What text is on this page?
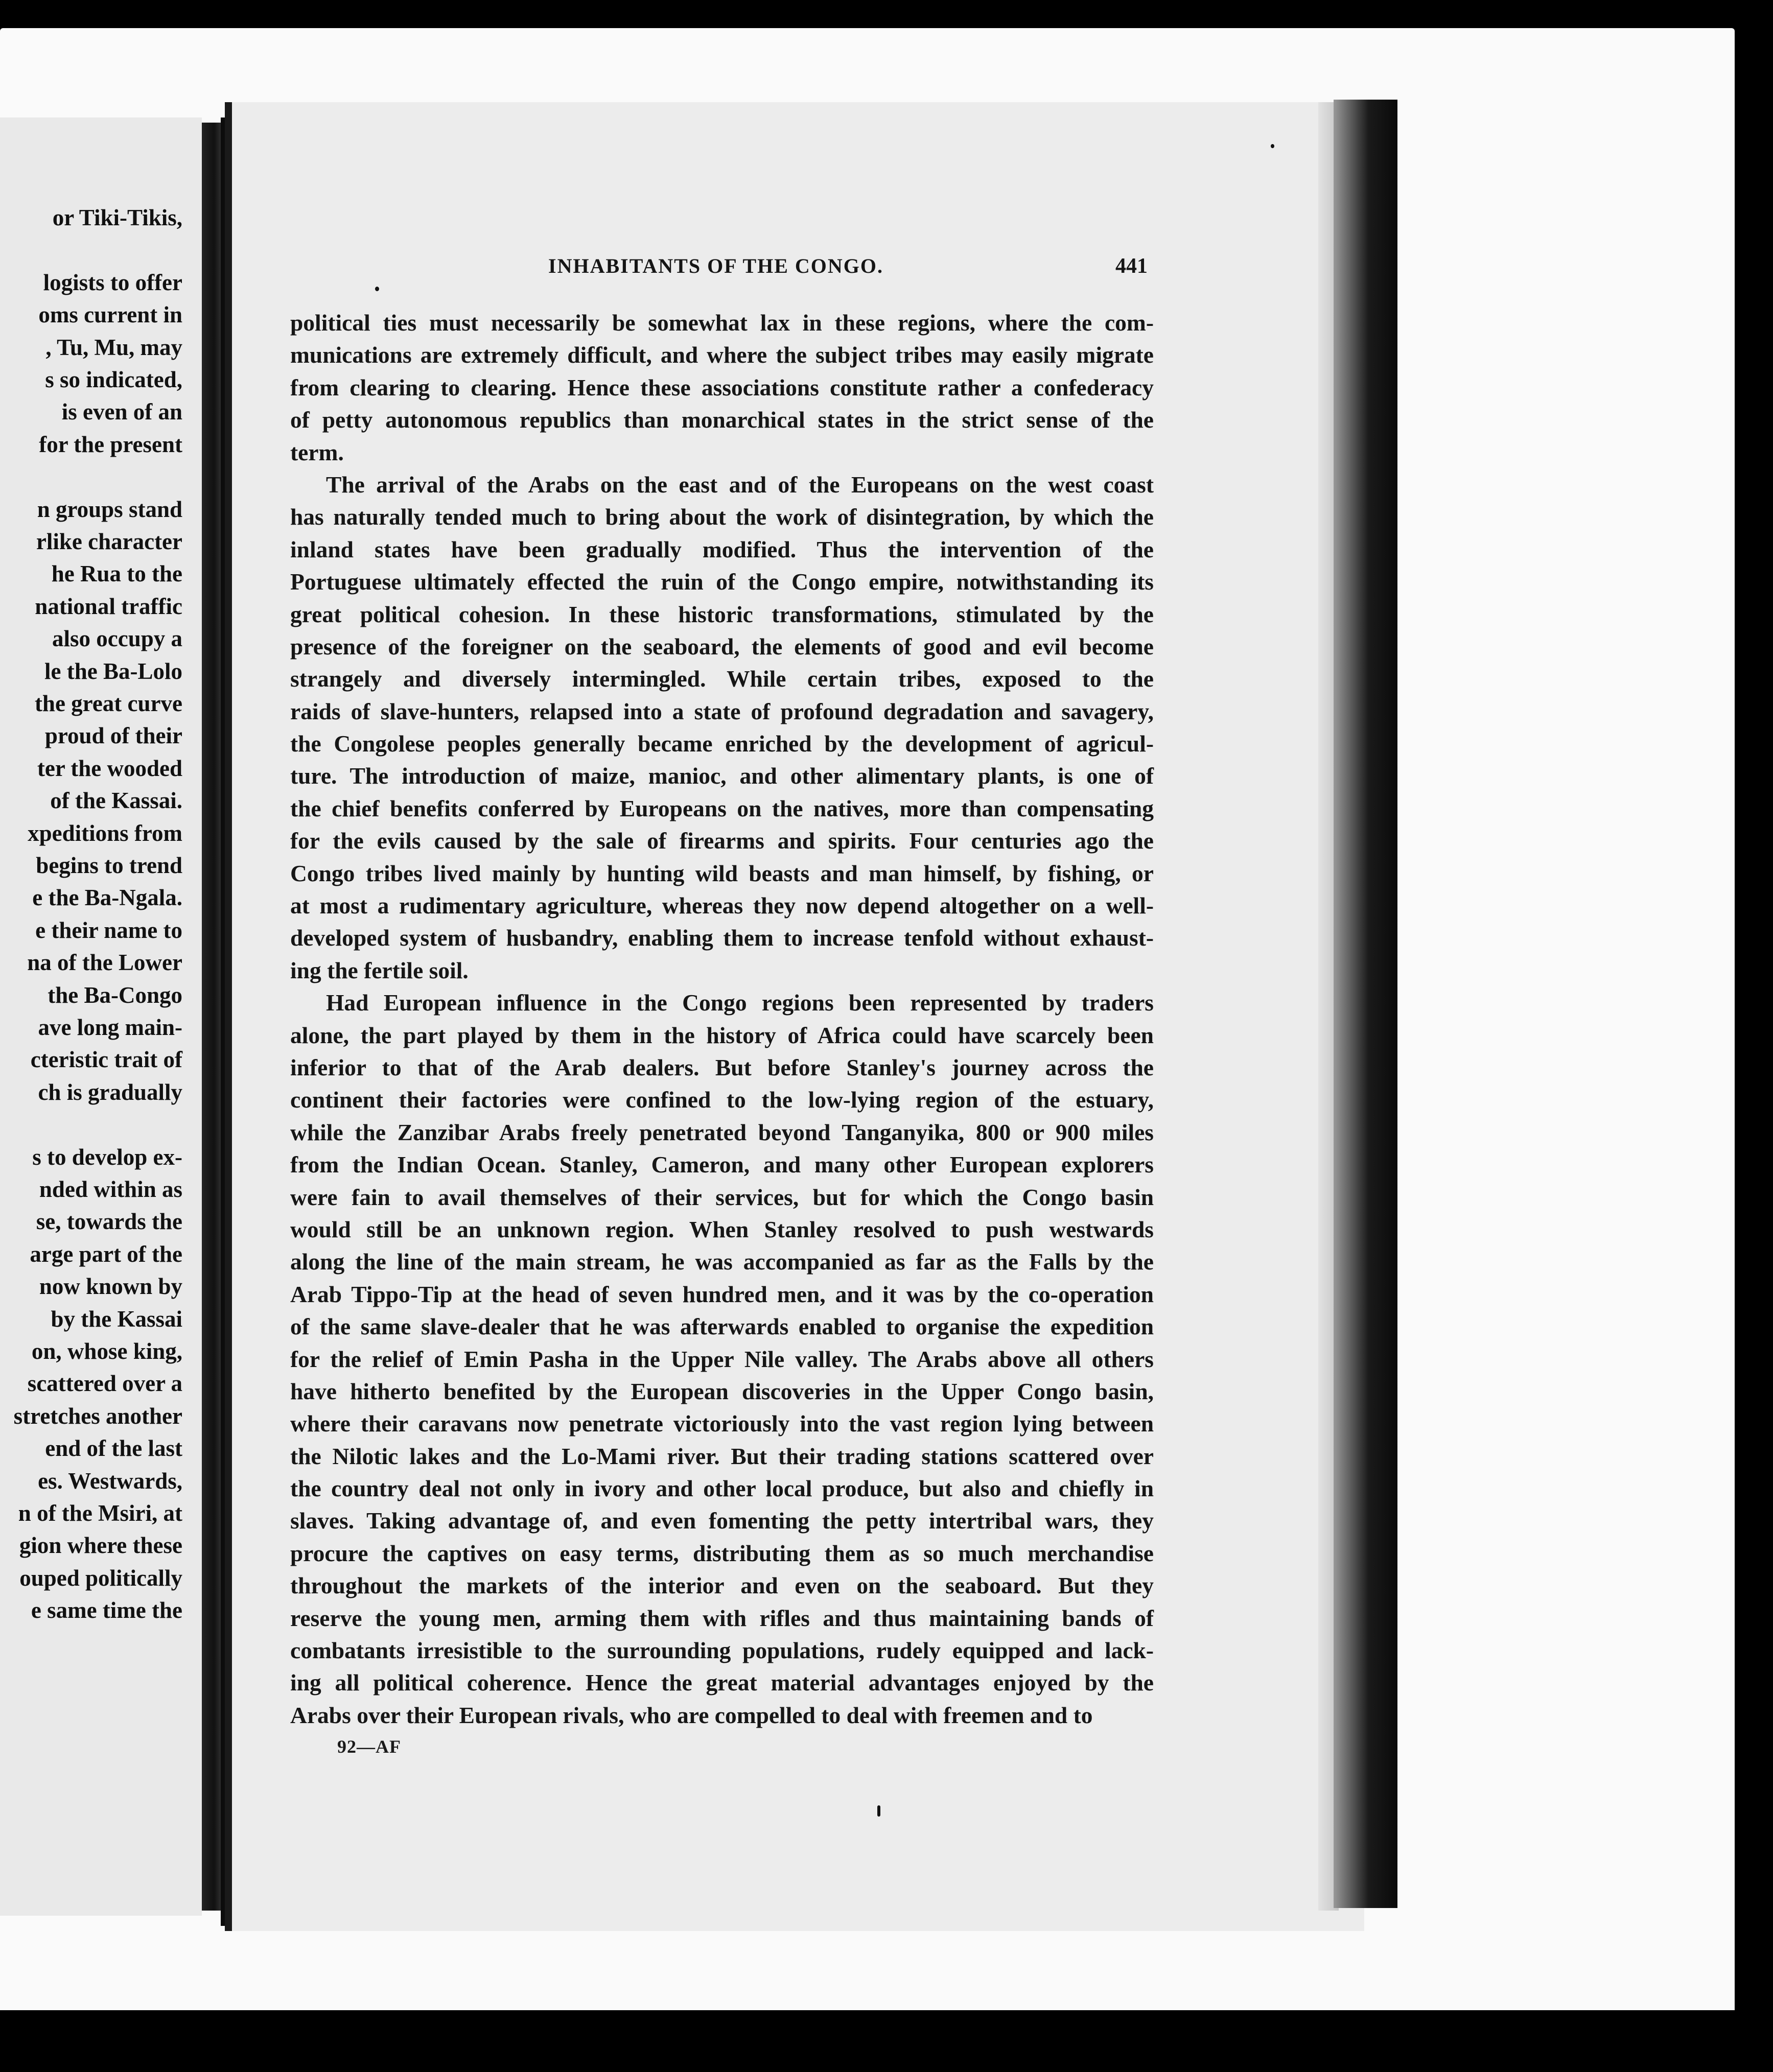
or Tiki-Tikis,
logists to offer
oms current in
, Tu, Mu, may
s so indicated,
is even of an
for the present
n groups stand
rlike character
he Rua to the
national traffic
also occupy a
le the Ba-Lolo
the great curve
proud of their
ter the wooded
of the Kassai.
xpeditions from
begins to trend
e the Ba-Ngala.
e their name to
na of the Lower
the Ba-Congo
ave long main-
cteristic trait of
ch is gradually
s to develop ex-
nded within as
se, towards the
arge part of the
now known by
by the Kassai
on, whose king,
scattered over a
stretches another
end of the last
es. Westwards,
n of the Msiri, at
gion where these
ouped politically
e same time the
INHABITANTS OF THE CONGO.	441
political ties must necessarily be somewhat lax in these regions, where the com-
munications are extremely difficult, and where the subject tribes may easily migrate
from clearing to clearing. Hence these associations constitute rather a confederacy
of petty autonomous republics than monarchical states in the strict sense of the
term.
The arrival of the Arabs on the east and of the Europeans on the west coast
has naturally tended much to bring about the work of disintegration, by which the
inland states have been gradually modified. Thus the intervention of the
Portuguese ultimately effected the ruin of the Congo empire, notwithstanding its
great political cohesion. In these historic transformations, stimulated by the
presence of the foreigner on the seaboard, the elements of good and evil become
strangely and diversely intermingled. While certain tribes, exposed to the
raids of slave-hunters, relapsed into a state of profound degradation and savagery,
the Congolese peoples generally became enriched by the development of agricul-
ture. The introduction of maize, manioc, and other alimentary plants, is one of
the chief benefits conferred by Europeans on the natives, more than compensating
for the evils caused by the sale of firearms and spirits. Four centuries ago the
Congo tribes lived mainly by hunting wild beasts and man himself, by fishing, or
at most a rudimentary agriculture, whereas they now depend altogether on a well-
developed system of husbandry, enabling them to increase tenfold without exhaust-
ing the fertile soil.
Had European influence in the Congo regions been represented by traders
alone, the part played by them in the history of Africa could have scarcely been
inferior to that of the Arab dealers. But before Stanley's journey across the
continent their factories were confined to the low-lying region of the estuary,
while the Zanzibar Arabs freely penetrated beyond Tanganyika, 800 or 900 miles
from the Indian Ocean. Stanley, Cameron, and many other European explorers
were fain to avail themselves of their services, but for which the Congo basin
would still be an unknown region. When Stanley resolved to push westwards
along the line of the main stream, he was accompanied as far as the Falls by the
Arab Tippo-Tip at the head of seven hundred men, and it was by the co-operation
of the same slave-dealer that he was afterwards enabled to organise the expedition
for the relief of Emin Pasha in the Upper Nile valley. The Arabs above all others
have hitherto benefited by the European discoveries in the Upper Congo basin,
where their caravans now penetrate victoriously into the vast region lying between
the Nilotic lakes and the Lo-Mami river. But their trading stations scattered over
the country deal not only in ivory and other local produce, but also and chiefly in
slaves. Taking advantage of, and even fomenting the petty intertribal wars, they
procure the captives on easy terms, distributing them as so much merchandise
throughout the markets of the interior and even on the seaboard. But they
reserve the young men, arming them with rifles and thus maintaining bands of
combatants irresistible to the surrounding populations, rudely equipped and lack-
ing all political coherence. Hence the great material advantages enjoyed by the
Arabs over their European rivals, who are compelled to deal with freemen and to
92—AF
